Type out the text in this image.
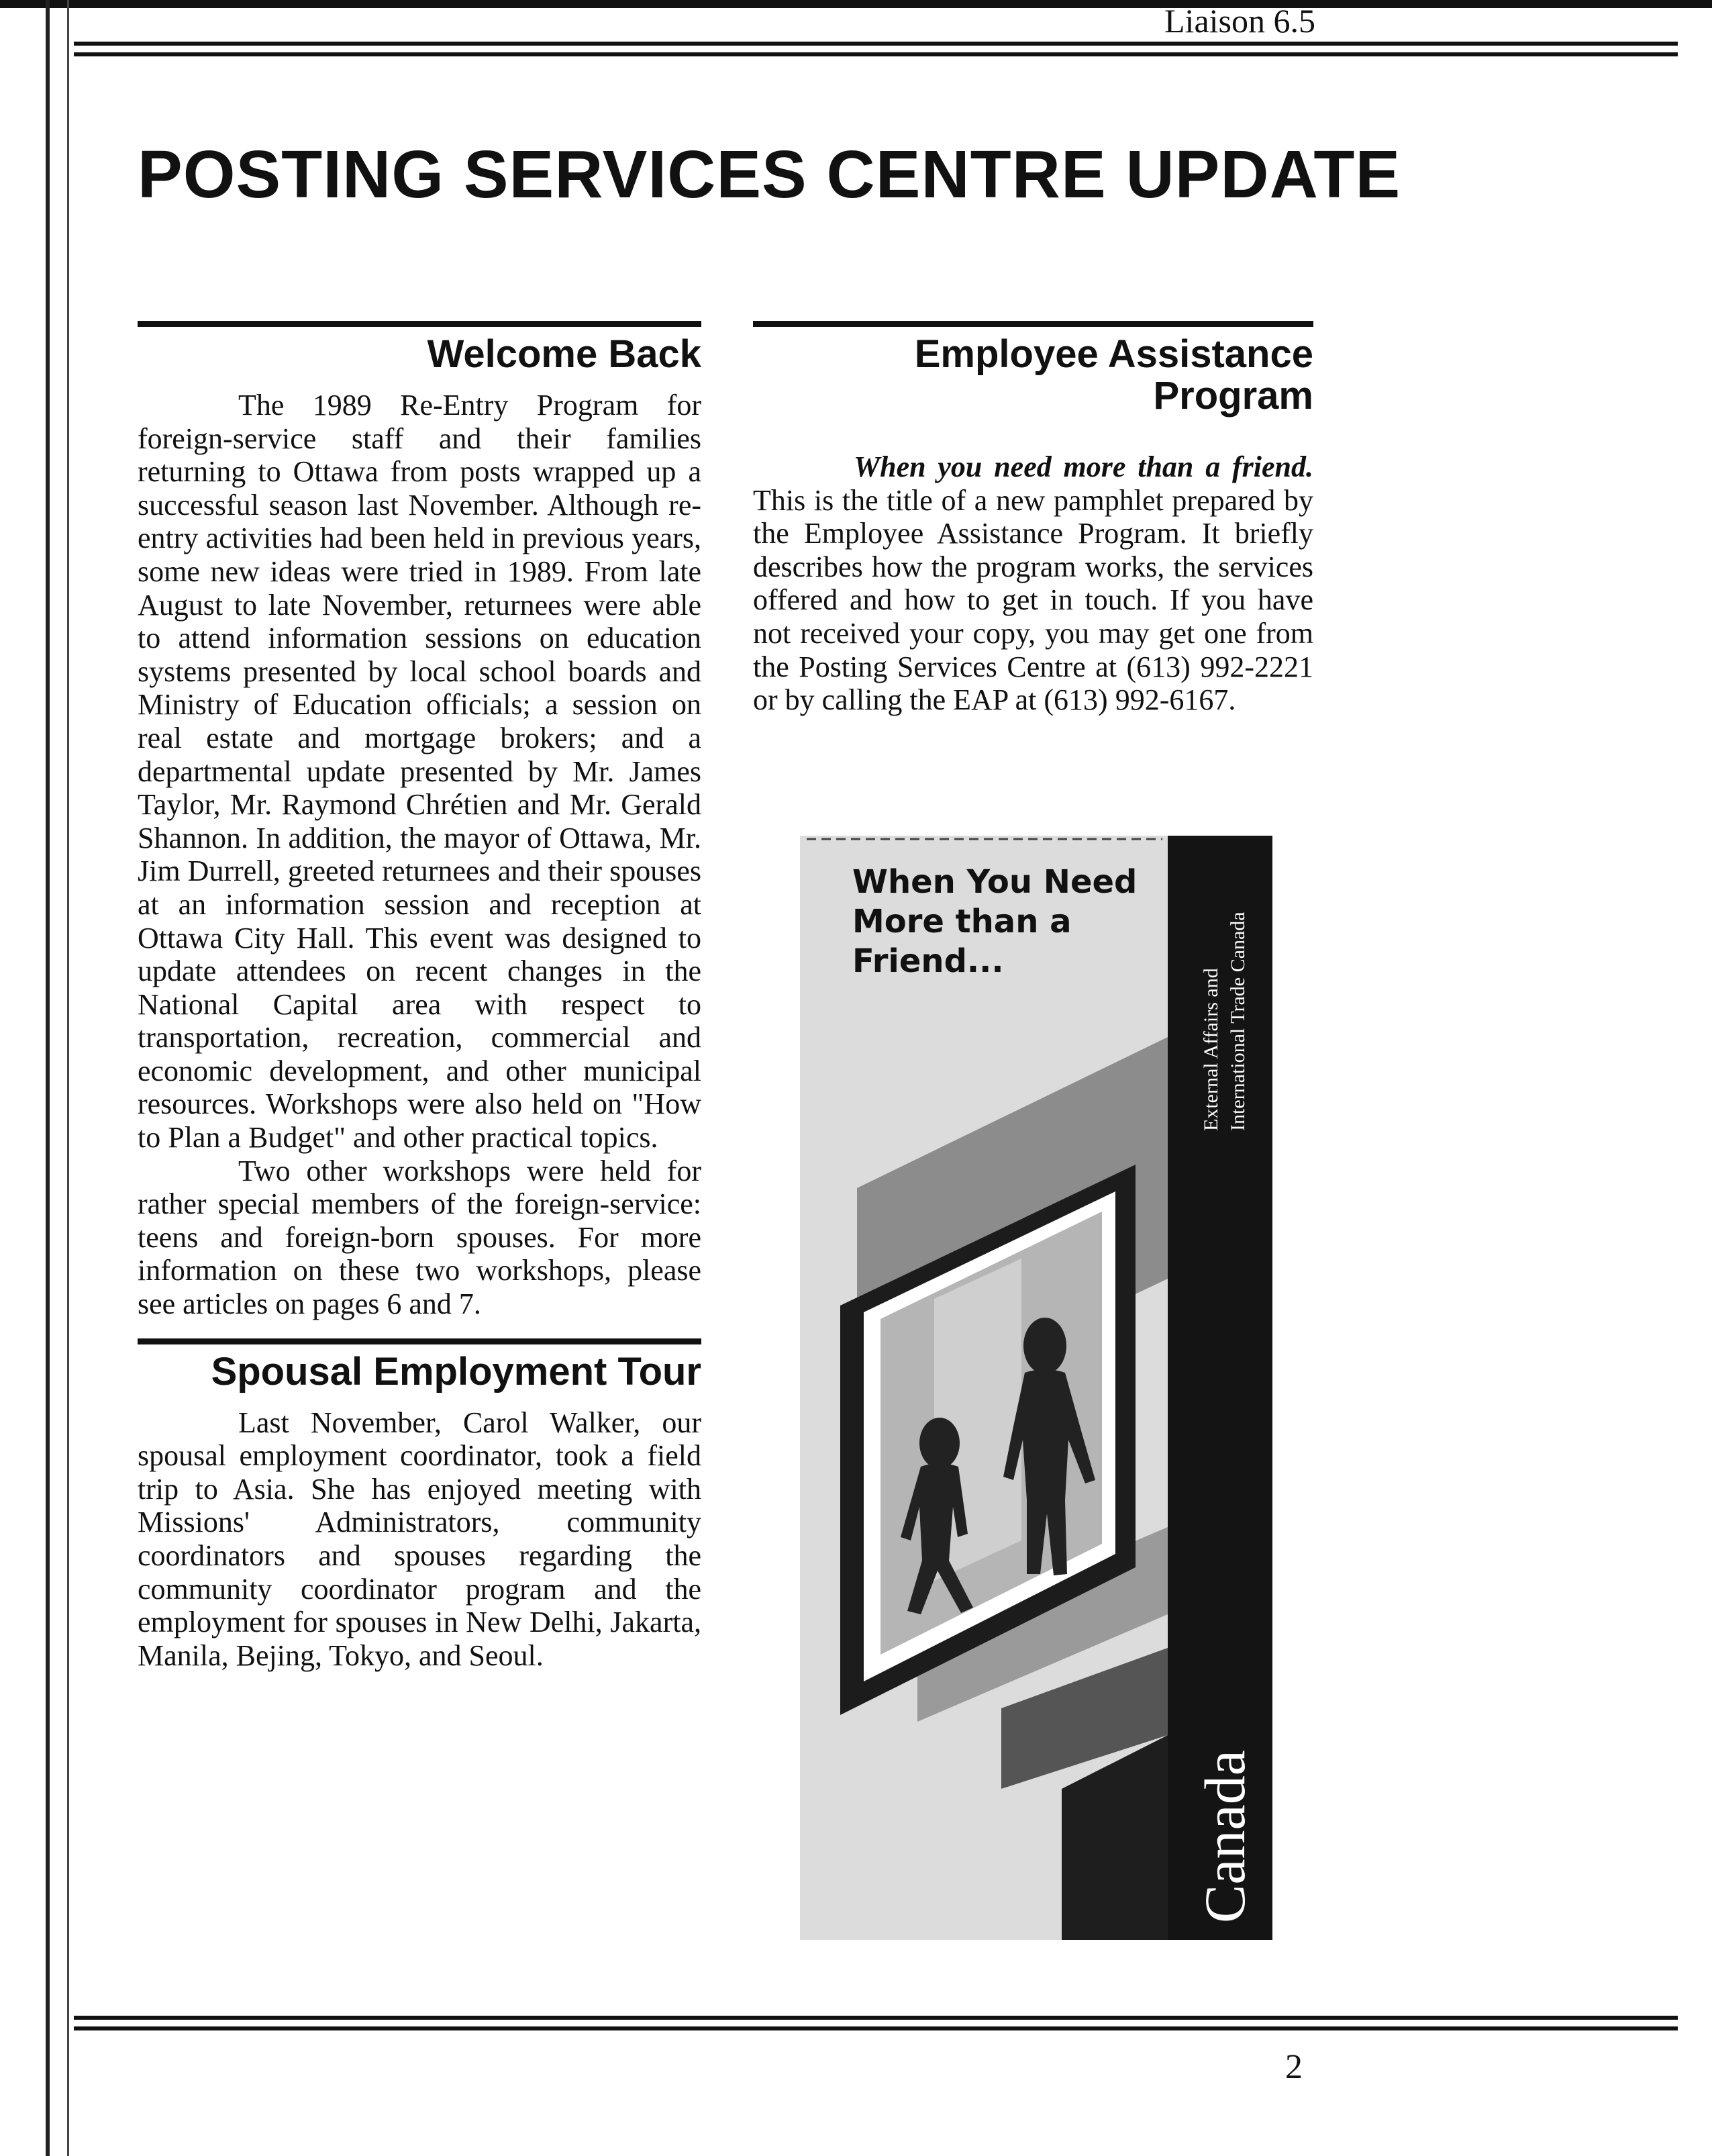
Liaison 6.5
POSTING SERVICES CENTRE UPDATE
Welcome Back

The 1989 Re-Entry Program for foreign-service staff and their families returning to Ottawa from posts wrapped up a successful season last November. Although re-entry activities had been held in previous years, some new ideas were tried in 1989. From late August to late November, returnees were able to attend information sessions on education systems presented by local school boards and Ministry of Education officials; a session on real estate and mortgage brokers; and a departmental update presented by Mr. James Taylor, Mr. Raymond Chrétien and Mr. Gerald Shannon. In addition, the mayor of Ottawa, Mr. Jim Durrell, greeted returnees and their spouses at an information session and reception at Ottawa City Hall. This event was designed to update attendees on recent changes in the National Capital area with respect to transportation, recreation, commercial and economic development, and other municipal resources. Workshops were also held on "How to Plan a Budget" and other practical topics.

Two other workshops were held for rather special members of the foreign-service: teens and foreign-born spouses. For more information on these two workshops, please see articles on pages 6 and 7.

Spousal Employment Tour

Last November, Carol Walker, our spousal employment coordinator, took a field trip to Asia. She has enjoyed meeting with Missions' Administrators, community coordinators and spouses regarding the community coordinator program and the employment for spouses in New Delhi, Jakarta, Manila, Bejing, Tokyo, and Seoul.

Employee Assistance
Program

When you need more than a friend. This is the title of a new pamphlet prepared by the Employee Assistance Program. It briefly describes how the program works, the services offered and how to get in touch. If you have not received your copy, you may get one from the Posting Services Centre at (613) 992-2221 or by calling the EAP at (613) 992-6167.

When You Need
More than a
Friend...
External Affairs and International Trade Canada
Canada
2
